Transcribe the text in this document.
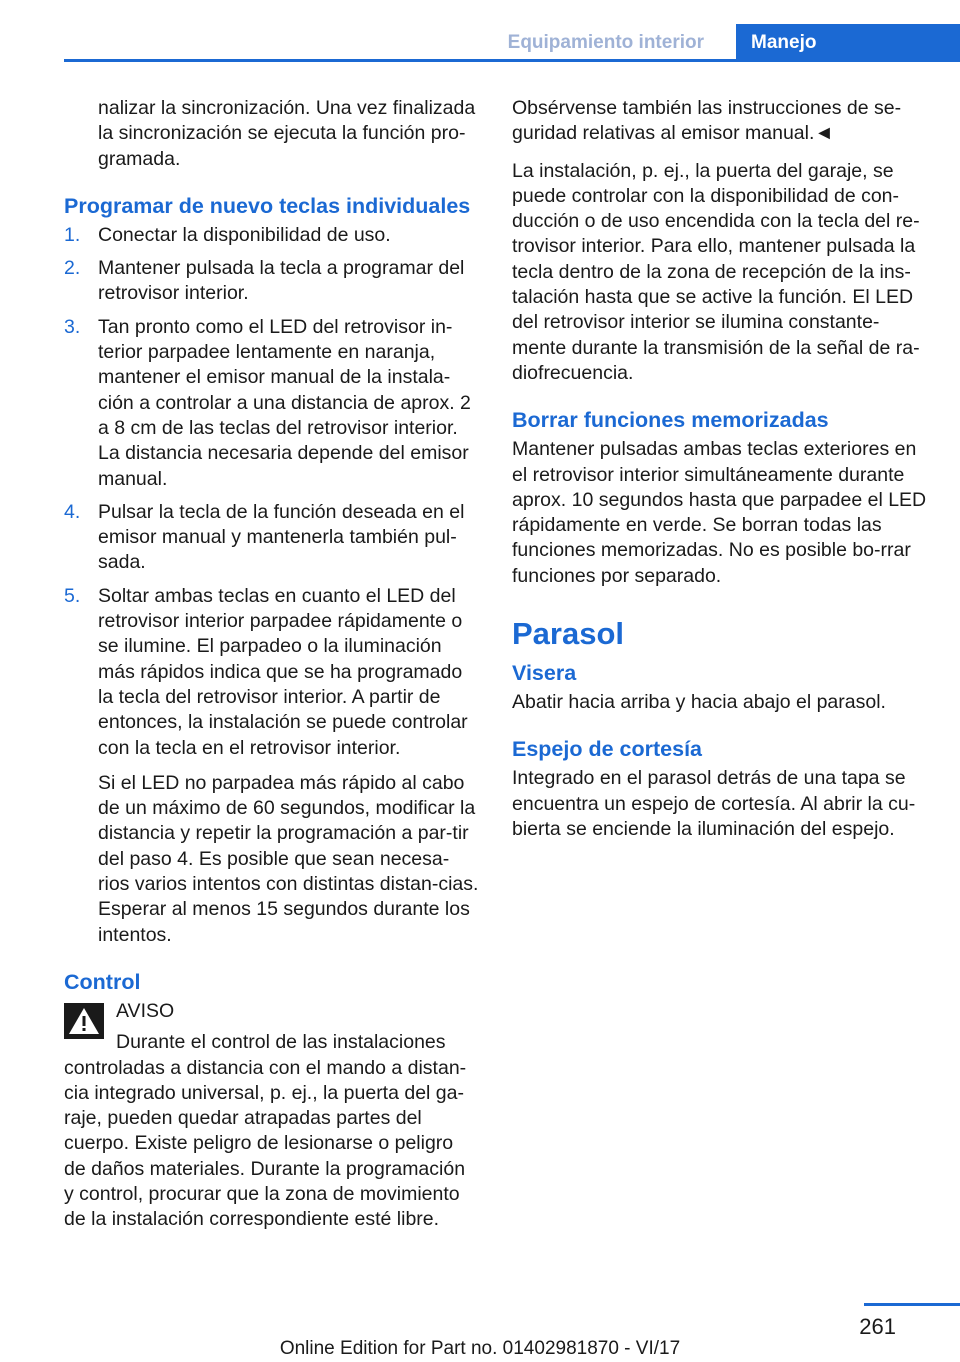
Equipamiento interior	Manejo

nalizar la sincronización. Una vez finalizada la sincronización se ejecuta la función pro‐gramada.

Programar de nuevo teclas individuales
1. Conectar la disponibilidad de uso.
2. Mantener pulsada la tecla a programar del retrovisor interior.
3. Tan pronto como el LED del retrovisor in‐terior parpadee lentamente en naranja, mantener el emisor manual de la instala‐ción a controlar a una distancia de aprox. 2 a 8 cm de las teclas del retrovisor interior. La distancia necesaria depende del emisor manual.
4. Pulsar la tecla de la función deseada en el emisor manual y mantenerla también pul‐sada.
5. Soltar ambas teclas en cuanto el LED del retrovisor interior parpadee rápidamente o se ilumine. El parpadeo o la iluminación más rápidos indica que se ha programado la tecla del retrovisor interior. A partir de entonces, la instalación se puede controlar con la tecla en el retrovisor interior.

Si el LED no parpadea más rápido al cabo de un máximo de 60 segundos, modificar la distancia y repetir la programación a par‐tir del paso 4. Es posible que sean necesa‐rios varios intentos con distintas distan‐cias. Esperar al menos 15 segundos durante los intentos.

Control
AVISO
Durante el control de las instalaciones controladas a distancia con el mando a distan‐cia integrado universal, p. ej., la puerta del ga‐raje, pueden quedar atrapadas partes del cuerpo. Existe peligro de lesionarse o peligro de daños materiales. Durante la programación y control, procurar que la zona de movimiento de la instalación correspondiente esté libre.

Obsérvense también las instrucciones de se‐guridad relativas al emisor manual.◄

La instalación, p. ej., la puerta del garaje, se puede controlar con la disponibilidad de con‐ducción o de uso encendida con la tecla del re‐trovisor interior. Para ello, mantener pulsada la tecla dentro de la zona de recepción de la ins‐talación hasta que se active la función. El LED del retrovisor interior se ilumina constante‐mente durante la transmisión de la señal de ra‐diofrecuencia.

Borrar funciones memorizadas

Mantener pulsadas ambas teclas exteriores en el retrovisor interior simultáneamente durante aprox. 10 segundos hasta que parpadee el LED rápidamente en verde. Se borran todas las funciones memorizadas. No es posible bo‐rrar funciones por separado.

Parasol
Visera

Abatir hacia arriba y hacia abajo el parasol.

Espejo de cortesía

Integrado en el parasol detrás de una tapa se encuentra un espejo de cortesía. Al abrir la cu‐bierta se enciende la iluminación del espejo.

261
Online Edition for Part no. 01402981870 - VI/17
